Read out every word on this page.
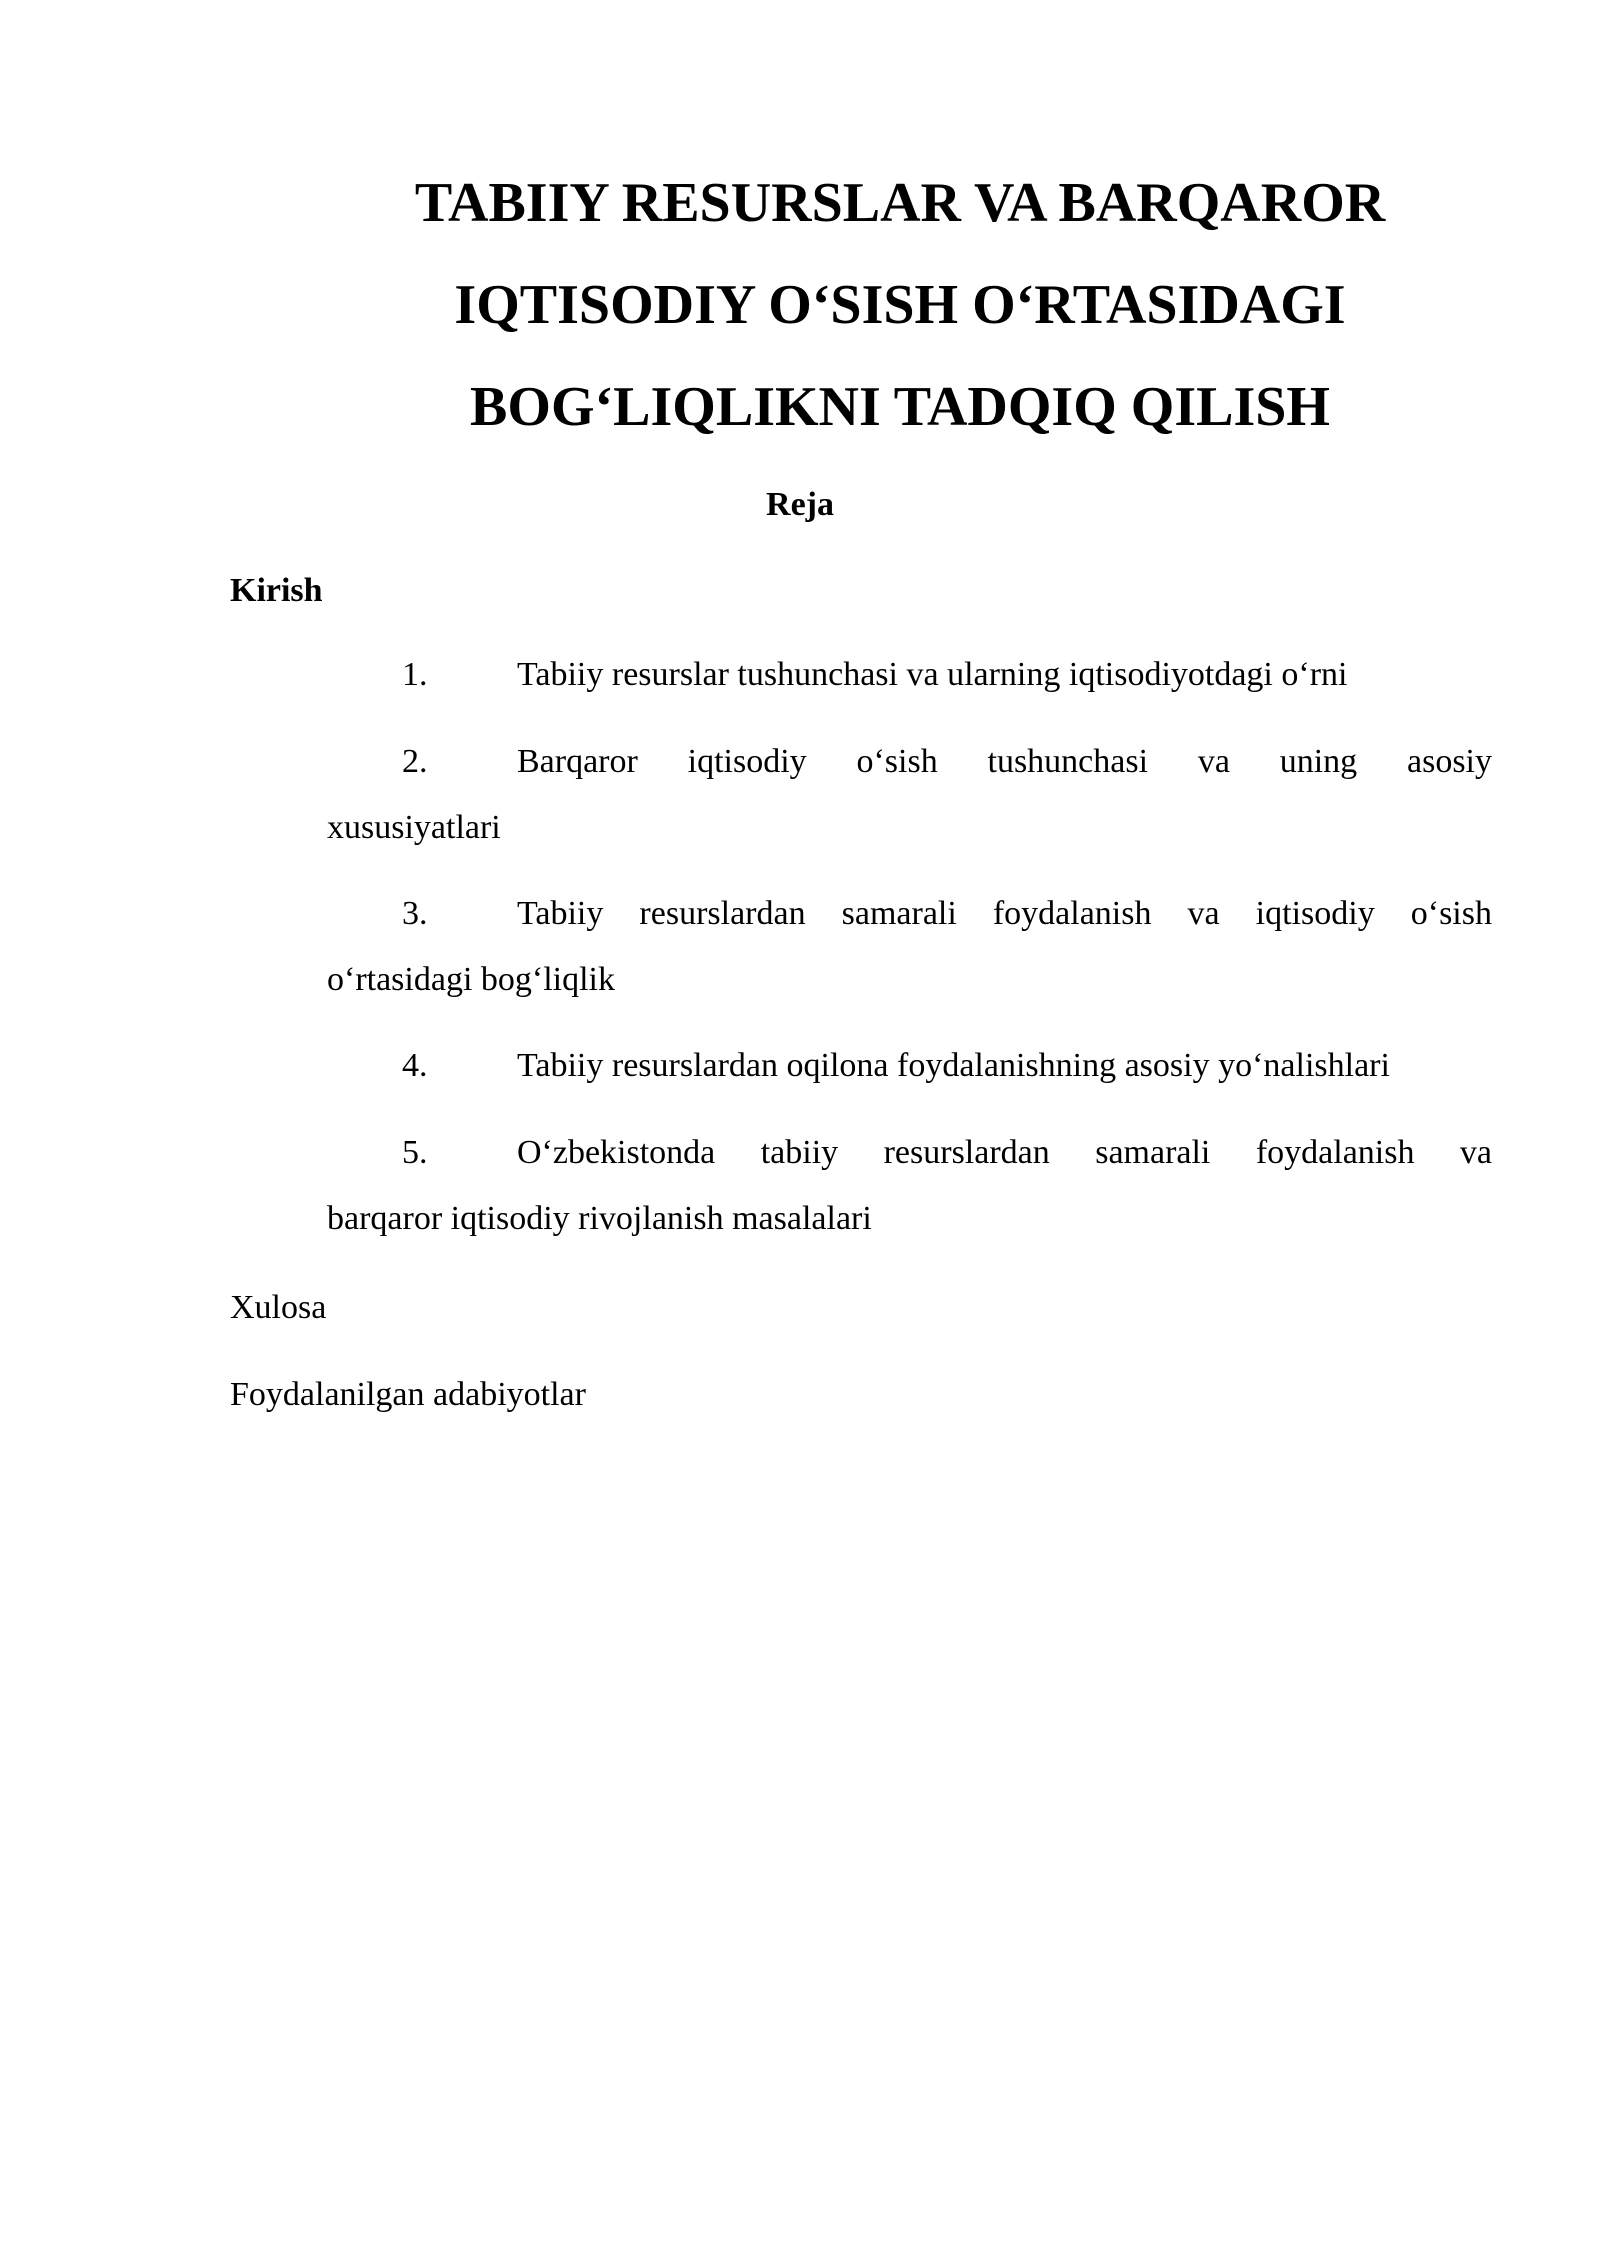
TABIIY RESURSLAR VA BARQAROR
IQTISODIY O‘SISH O‘RTASIDAGI
BOG‘LIQLIKNI TADQIQ QILISH
Reja
Kirish
1.	Tabiiy resurslar tushunchasi va ularning iqtisodiyotdagi o‘rni
2.	Barqaror iqtisodiy o‘sish tushunchasi va uning asosiy
xususiyatlari
3.	Tabiiy resurslardan samarali foydalanish va iqtisodiy o‘sish
o‘rtasidagi bog‘liqlik
4.	Tabiiy resurslardan oqilona foydalanishning asosiy yo‘nalishlari
5.	O‘zbekistonda tabiiy resurslardan samarali foydalanish va
barqaror iqtisodiy rivojlanish masalalari
Xulosa
Foydalanilgan adabiyotlar
